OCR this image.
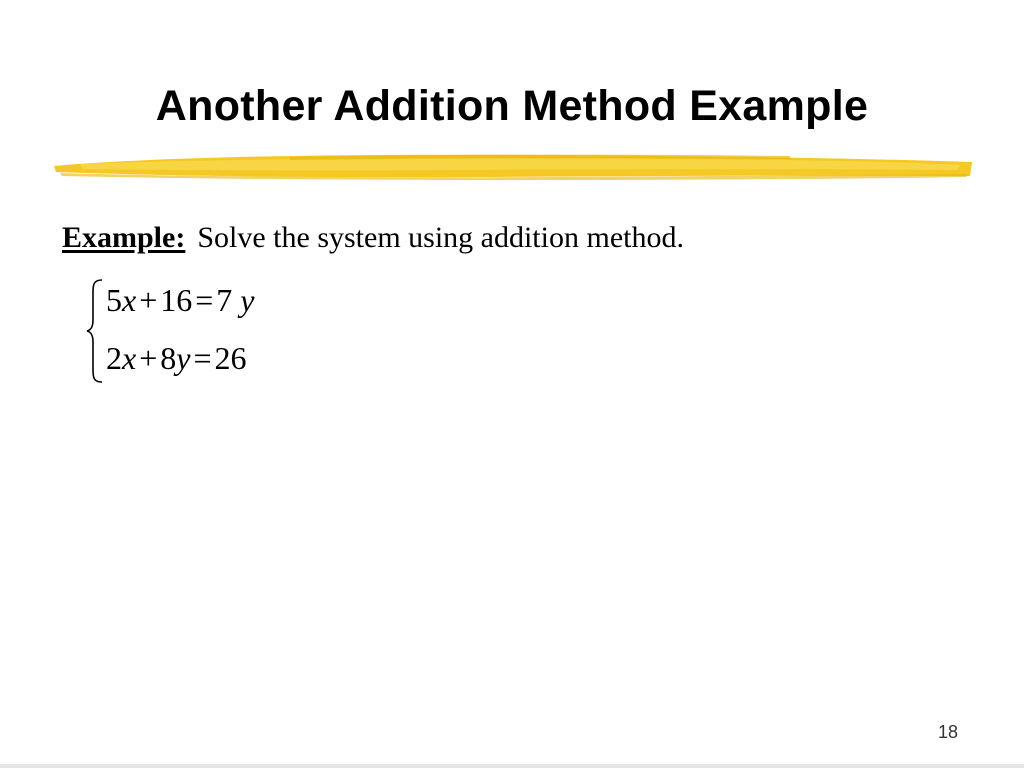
Another Addition Method Example
Example: Solve the system using addition method.
5x+16=7 y
2x+8y=26
18
